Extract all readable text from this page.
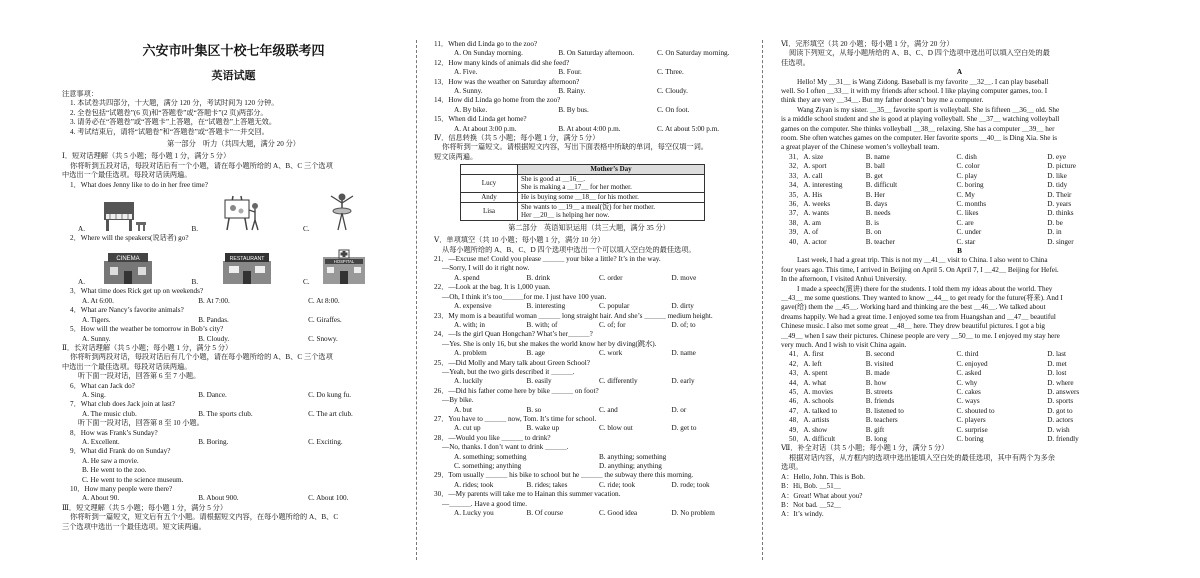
六安市叶集区十校七年级联考四
英语试题
注意事项：
1. 本试卷共四部分，十大题，满分 120 分，考试时间为 120 分钟。
2. 全卷包括“试题卷”(6 页)和“答题卷”或“答题卡”(2 页)两部分。
3. 请务必在“答题卷”或“答题卡”上答题，在“试题卷”上答题无效。
4. 考试结束后，请将“试题卷”和“答题卷”或“答题卡”一并交回。
第一部分　听力（共四大题，满分 20 分）
Ⅰ．短对话理解（共 5 小题；每小题 1 分，满分 5 分）
你将听到五段对话，每段对话后有一个小题，请在每小题所给的 A、B、C 三个选项
中选出一个最佳选项。每段对话读两遍。
1．What does Jenny like to do in her free time?
A.	B.	C.
2．Where will the speakers(说话者) go?
CINEMA
A.
RESTAURANT
B.
HOSPITAL
C.
3．What time does Rick get up on weekends?
A. At 6:00.	B. At 7:00.	C. At 8:00.
4．What are Nancy’s favorite animals?
A. Tigers.	B. Pandas.	C. Giraffes.
5．How will the weather be tomorrow in Bob’s city?
A. Sunny.	B. Cloudy.	C. Snowy.
Ⅱ．长对话理解（共 5 小题；每小题 1 分，满分 5 分）
你将听到两段对话，每段对话后有几个小题，请在每小题所给的 A、B、C 三个选项
中选出一个最佳选项。每段对话读两遍。
听下面一段对话，回答第 6 至 7 小题。
6．What can Jack do?
A. Sing.	B. Dance.	C. Do kung fu.
7．What club does Jack join at last?
A. The music club.	B. The sports club.	C. The art club.
听下面一段对话，回答第 8 至 10 小题。
8．How was Frank’s Sunday?
A. Excellent.	B. Boring.	C. Exciting.
9．What did Frank do on Sunday?
A. He saw a movie.
B. He went to the zoo.
C. He went to the science museum.
10．How many people were there?
A. About 90.	B. About 900.	C. About 100.
Ⅲ．短文理解（共 5 小题；每小题 1 分，满分 5 分）
你将听到一篇短文，短文后有五个小题。请根据短文内容，在每小题所给的 A、B、C
三个选项中选出一个最佳选项。短文读两遍。
11．When did Linda go to the zoo?
A. On Sunday morning.	B. On Saturday afternoon.	C. On Saturday morning.
12．How many kinds of animals did she feed?
A. Five.	B. Four.	C. Three.
13．How was the weather on Saturday afternoon?
A. Sunny.	B. Rainy.	C. Cloudy.
14．How did Linda go home from the zoo?
A. By bike.	B. By bus.	C. On foot.
15．When did Linda get home?
A. At about 3:00 p.m.	B. At about 4:00 p.m.	C. At about 5:00 p.m.
Ⅳ．信息转换（共 5 小题；每小题 1 分，满分 5 分）
你将听到一篇短文。请根据短文内容，写出下面表格中所缺的单词，每空仅填一词。
短文读两遍。
	Mother’s Day
Lucy	She is good at ＿16＿.
She is making a ＿17＿ for her mother.

Andy	He is buying some ＿18＿ for his mother.

Lisa	She wants to ＿19＿ a meal(饭) for her mother.
Her ＿20＿ is helping her now.
第二部分　英语知识运用（共三大题，满分 35 分）
Ⅴ．单项填空（共 10 小题；每小题 1 分，满分 10 分）
从每小题所给的 A、B、C、D 四个选项中选出一个可以填入空白处的最佳选项。
21．—Excuse me! Could you please ＿＿＿ your bike a little? It’s in the way.
—Sorry, I will do it right now.
A. spend	B. drink	C. order	D. move
22．—Look at the bag. It is 1,000 yuan.
—Oh, I think it’s too＿＿＿for me. I just have 100 yuan.
A. expensive	B. interesting	C. popular	D. dirty
23．My mom is a beautiful woman ＿＿＿ long straight hair. And she’s ＿＿＿ medium height.
A. with; in	B. with; of	C. of; for	D. of; to
24．—Is the girl Quan Hongchan? What’s her＿＿＿?
—Yes. She is only 16, but she makes the world know her by diving(跳水).
A. problem	B. age	C. work	D. name
25．—Did Molly and Mary talk about Green School?
—Yeah, but the two girls described it ＿＿＿.
A. luckily	B. easily	C. differently	D. early
26．—Did his father come here by bike ＿＿＿ on foot?
—By bike.
A. but	B. so	C. and	D. or
27．You have to ＿＿＿ now, Tom. It’s time for school.
A. cut up	B. wake up	C. blow out	D. get to
28．—Would you like ＿＿＿ to drink?
—No, thanks. I don’t want to drink ＿＿＿.
A. something; something	B. anything; something
C. something; anything	D. anything; anything
29．Tom usually ＿＿＿ his bike to school but he ＿＿＿ the subway there this morning.
A. rides; took	B. rides; takes	C. ride; took	D. rode; took
30．—My parents will take me to Hainan this summer vacation.
—＿＿＿. Have a good time.
A. Lucky you	B. Of course	C. Good idea	D. No problem
Ⅵ．完形填空（共 20 小题；每小题 1 分，满分 20 分）
阅读下列短文，从每小题所给的 A、B、C、D 四个选项中选出可以填入空白处的最
佳选项。
A
Hello! My ＿31＿ is Wang Zidong. Baseball is my favorite ＿32＿. I can play baseball
well. So I often ＿33＿ it with my friends after school. I like playing computer games, too. I
think they are very ＿34＿. But my father doesn’t buy me a computer.
Wang Ziyan is my sister. ＿35＿ favorite sport is volleyball. She is fifteen ＿36＿ old. She
is a middle school student and she is good at playing volleyball. She ＿37＿ watching volleyball
games on the computer. She thinks volleyball ＿38＿ relaxing. She has a computer ＿39＿ her
room. She often watches games on the computer. Her favorite sports ＿40＿ is Ding Xia. She is
a great player of the Chinese women’s volleyball team.
31．A. size	B. name	C. dish	D. eye
32．A. sport	B. ball	C. color	D. picture
33．A. call	B. get	C. play	D. like
34．A. interesting	B. difficult	C. boring	D. tidy
35．A. His	B. Her	C. My	D. Their
36．A. weeks	B. days	C. months	D. years
37．A. wants	B. needs	C. likes	D. thinks
38．A. am	B. is	C. are	D. be
39．A. of	B. on	C. under	D. in
40．A. actor	B. teacher	C. star	D. singer
B
Last week, I had a great trip. This is not my ＿41＿ visit to China. I also went to China
four years ago. This time, I arrived in Beijing on April 5. On April 7, I ＿42＿ Beijing for Hefei.
In the afternoon, I visited Anhui University.
I made a speech(演讲) there for the students. I told them my ideas about the world. They
＿43＿ me some questions. They wanted to know ＿44＿ to get ready for the future(将来). And I
gave(给) them the ＿45＿. Working hard and thinking are the best ＿46＿. We talked about
dreams happily. We had a great time. I enjoyed some tea from Huangshan and ＿47＿ beautiful
Chinese music. I also met some great ＿48＿ here. They drew beautiful pictures. I got a big
＿49＿ when I saw their pictures. Chinese people are very ＿50＿ to me. I enjoyed my stay here
very much. And I wish to visit China again.
41．A. first	B. second	C. third	D. last
42．A. left	B. visited	C. enjoyed	D. met
43．A. spent	B. made	C. asked	D. lost
44．A. what	B. how	C. why	D. where
45．A. movies	B. streets	C. cakes	D. answers
46．A. schools	B. friends	C. ways	D. sports
47．A. talked to	B. listened to	C. shouted to	D. got to
48．A. artists	B. teachers	C. players	D. actors
49．A. show	B. gift	C. surprise	D. wish
50．A. difficult	B. long	C. boring	D. friendly
Ⅶ．补全对话（共 5 小题；每小题 1 分，满分 5 分）
根据对话内容，从方框内的选项中选出能填入空白处的最佳选项，其中有两个为多余
选项。
A：Hello, John. This is Bob.
B：Hi, Bob. ＿51＿
A：Great! What about you?
B：Not bad. ＿52＿
A：It’s windy.
